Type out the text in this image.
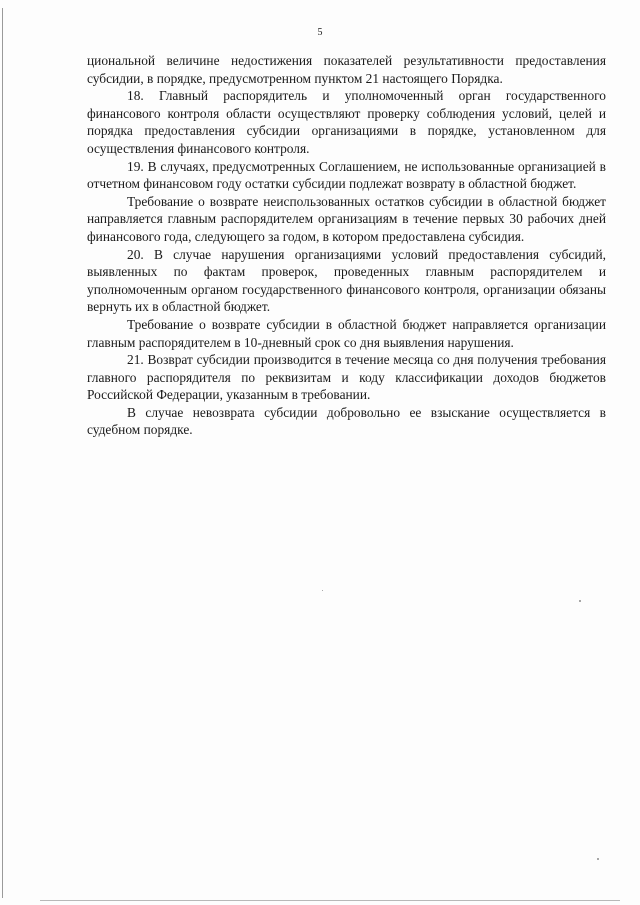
5

циональной величине недостижения показателей результативности предоставления субсидии, в порядке, предусмотренном пунктом 21 настоящего Порядка.

18. Главный распорядитель и уполномоченный орган государственного финансового контроля области осуществляют проверку соблюдения условий, целей и порядка предоставления субсидии организациями в порядке, установленном для осуществления финансового контроля.

19. В случаях, предусмотренных Соглашением, не использованные организацией в отчетном финансовом году остатки субсидии подлежат возврату в областной бюджет.

Требование о возврате неиспользованных остатков субсидии в областной бюджет направляется главным распорядителем организациям в течение первых 30 рабочих дней финансового года, следующего за годом, в котором предоставлена субсидия.

20. В случае нарушения организациями условий предоставления субсидий, выявленных по фактам проверок, проведенных главным распорядителем и уполномоченным органом государственного финансового контроля, организации обязаны вернуть их в областной бюджет.

Требование о возврате субсидии в областной бюджет направляется организации главным распорядителем в 10-дневный срок со дня выявления нарушения.

21. Возврат субсидии производится в течение месяца со дня получения требования главного распорядителя по реквизитам и коду классификации доходов бюджетов Российской Федерации, указанным в требовании.

В случае невозврата субсидии добровольно ее взыскание осуществляется в судебном порядке.
